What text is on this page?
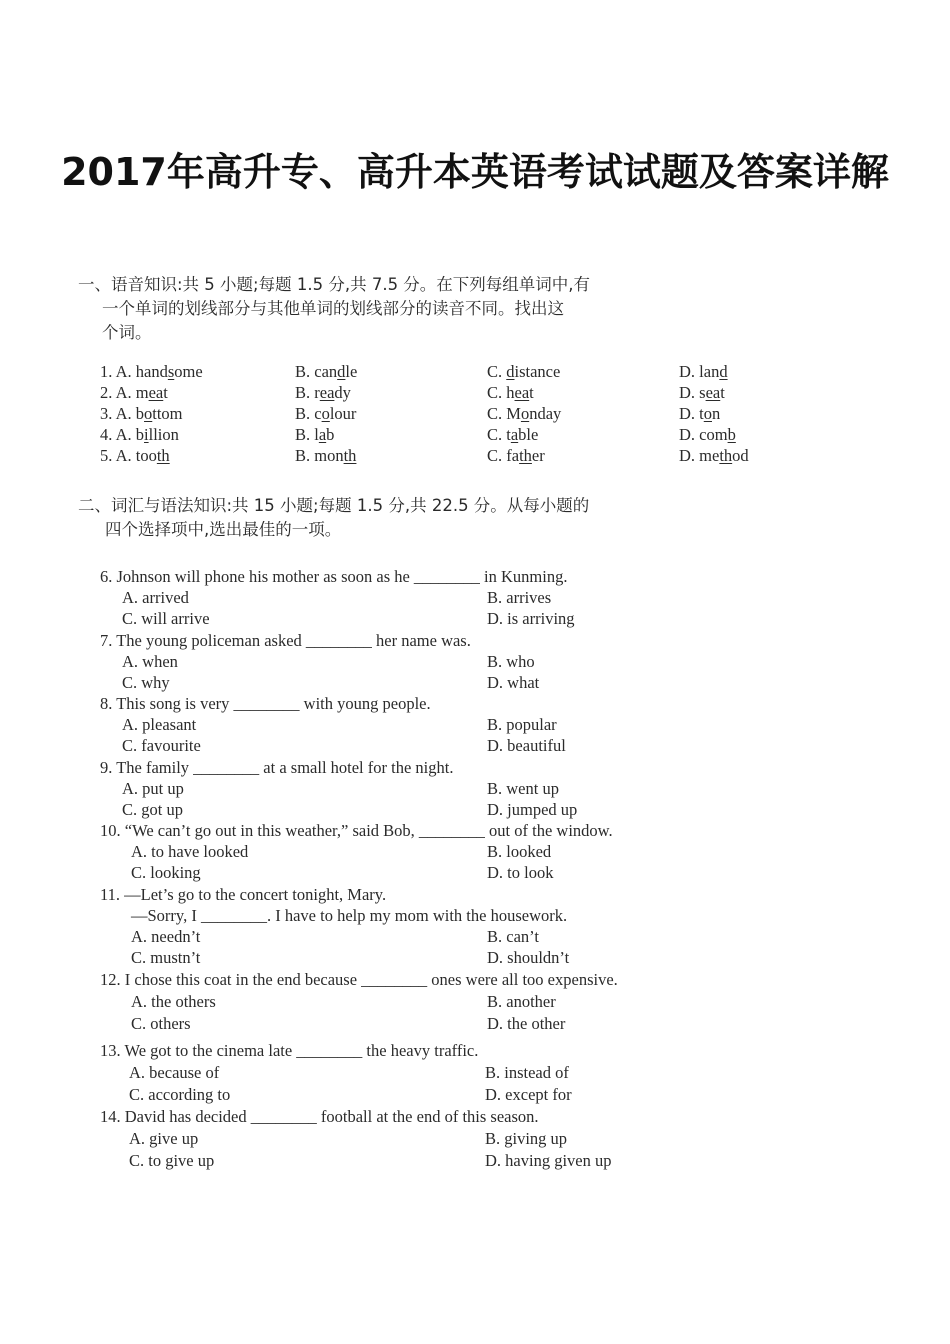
2017年高升专、高升本英语考试试题及答案详解
一、语音知识:共 5 小题;每题 1.5 分,共 7.5 分。在下列每组单词中,有
一个单词的划线部分与其他单词的划线部分的读音不同。找出这
个词。
1. A. handsome	B. candle	C. distance	D. land
2. A. meat	B. ready	C. heat	D. seat
3. A. bottom	B. colour	C. Monday	D. ton
4. A. billion	B. lab	C. table	D. comb
5. A. tooth	B. month	C. father	D. method
二、词汇与语法知识:共 15 小题;每题 1.5 分,共 22.5 分。从每小题的
四个选择项中,选出最佳的一项。
6. Johnson will phone his mother as soon as he ________ in Kunming.
A. arrived	B. arrives
C. will arrive	D. is arriving
7. The young policeman asked ________ her name was.
A. when	B. who
C. why	D. what
8. This song is very ________ with young people.
A. pleasant	B. popular
C. favourite	D. beautiful
9. The family ________ at a small hotel for the night.
A. put up	B. went up
C. got up	D. jumped up
10. “We can’t go out in this weather,” said Bob, ________ out of the window.
A. to have looked	B. looked
C. looking	D. to look
11. —Let’s go to the concert tonight, Mary.
—Sorry, I ________. I have to help my mom with the housework.
A. needn’t	B. can’t
C. mustn’t	D. shouldn’t
12. I chose this coat in the end because ________ ones were all too expensive.
A. the others	B. another
C. others	D. the other
13. We got to the cinema late ________ the heavy traffic.
A. because of	B. instead of
C. according to	D. except for
14. David has decided ________ football at the end of this season.
A. give up	B. giving up
C. to give up	D. having given up
